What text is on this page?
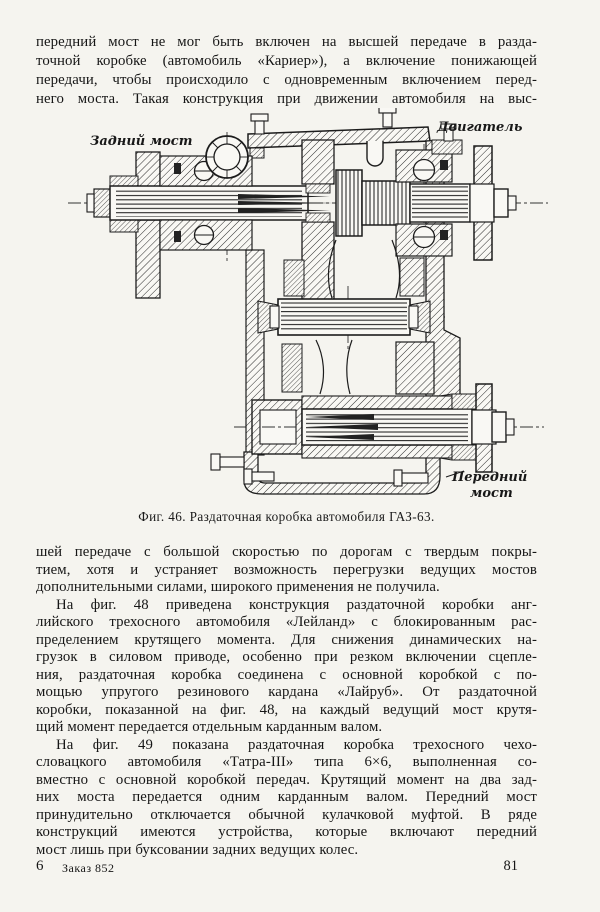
передний мост не мог быть включен на высшей передаче в разда-
точной коробке (автомобиль «Кариер»), а включение понижающей
передачи, чтобы происходило с одновременным включением перед-
него моста. Такая конструкция при движении автомобиля на выс-
Задний мост
Двигатель
Передний
мост
Фиг. 46. Раздаточная коробка автомобиля ГАЗ-63.
шей передаче с большой скоростью по дорогам с твердым покры-
тием, хотя и устраняет возможность перегрузки ведущих мостов
дополнительными силами, широкого применения не получила.
На фиг. 48 приведена конструкция раздаточной коробки анг-
лийского трехосного автомобиля «Лейланд» с блокированным рас-
пределением крутящего момента. Для снижения динамических на-
грузок в силовом приводе, особенно при резком включении сцепле-
ния, раздаточная коробка соединена с основной коробкой с по-
мощью упругого резинового кардана «Лайруб». От раздаточной
коробки, показанной на фиг. 48, на каждый ведущий мост крутя-
щий момент передается отдельным карданным валом.
На фиг. 49 показана раздаточная коробка трехосного чехо-
словацкого автомобиля «Татра-III» типа 6×6, выполненная со-
вместно с основной коробкой передач. Крутящий момент на два зад-
них моста передается одним карданным валом. Передний мост
принудительно отключается обычной кулачковой муфтой. В ряде
конструкций имеются устройства, которые включают передний
мост лишь при буксовании задних ведущих колес.
6 Заказ 852	81
